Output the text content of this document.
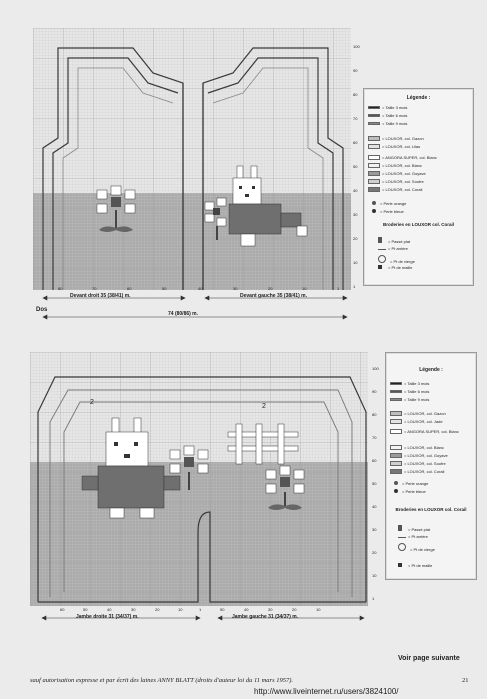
100
90
80
70
60
50
40
30
20
10
1
80	70	60	50	40	30	20	10	1
Devant droit 35 (38/41) m.	Devant gauche 35 (38/41) m.
Dos
74 (80/86) m.
Légende :
= Taille 3 mois
= Taille 6 mois
= Taille 9 mois
= LOUXOR, col. Gazon
= LOUXOR, col. Lilas
= ANGORA SUPER, col. Blanc
= LOUXOR, col. Blanc
= LOUXOR, col. Goyave
= LOUXOR, col. Soufre
= LOUXOR, col. Corail
= Perle orange
= Perle bleue
Broderies en LOUXOR col. Corail
= Passé plat
= Pt arrière
= Pt de vierge
= Pt de maille
2
2
100
90
80
70
60
50
40
30
20
10
1
60	50	40	30	20	10	1	50	40	30	20	10
Jambe droite 31 (34/37) m.	Jambe gauche 31 (34/37) m.
Légende :
= Taille 3 mois
= Taille 6 mois
= Taille 9 mois
= LOUXOR, col. Gazon
= LOUXOR, col. Jade
= ANGORA SUPER, col. Blanc
= LOUXOR, col. Blanc
= LOUXOR, col. Goyave
= LOUXOR, col. Soufre
= LOUXOR, col. Corail
= Perle orange
= Perle bleue
Broderies en LOUXOR col. Corail
= Passé plat
= Pt arrière
= Pt de vierge
= Pt de maille
Voir page suivante
sauf autorisation expresse et par écrit des laines ANNY BLATT (droits d'auteur loi du 11 mars 1957).	21
http://www.liveinternet.ru/users/3824100/
